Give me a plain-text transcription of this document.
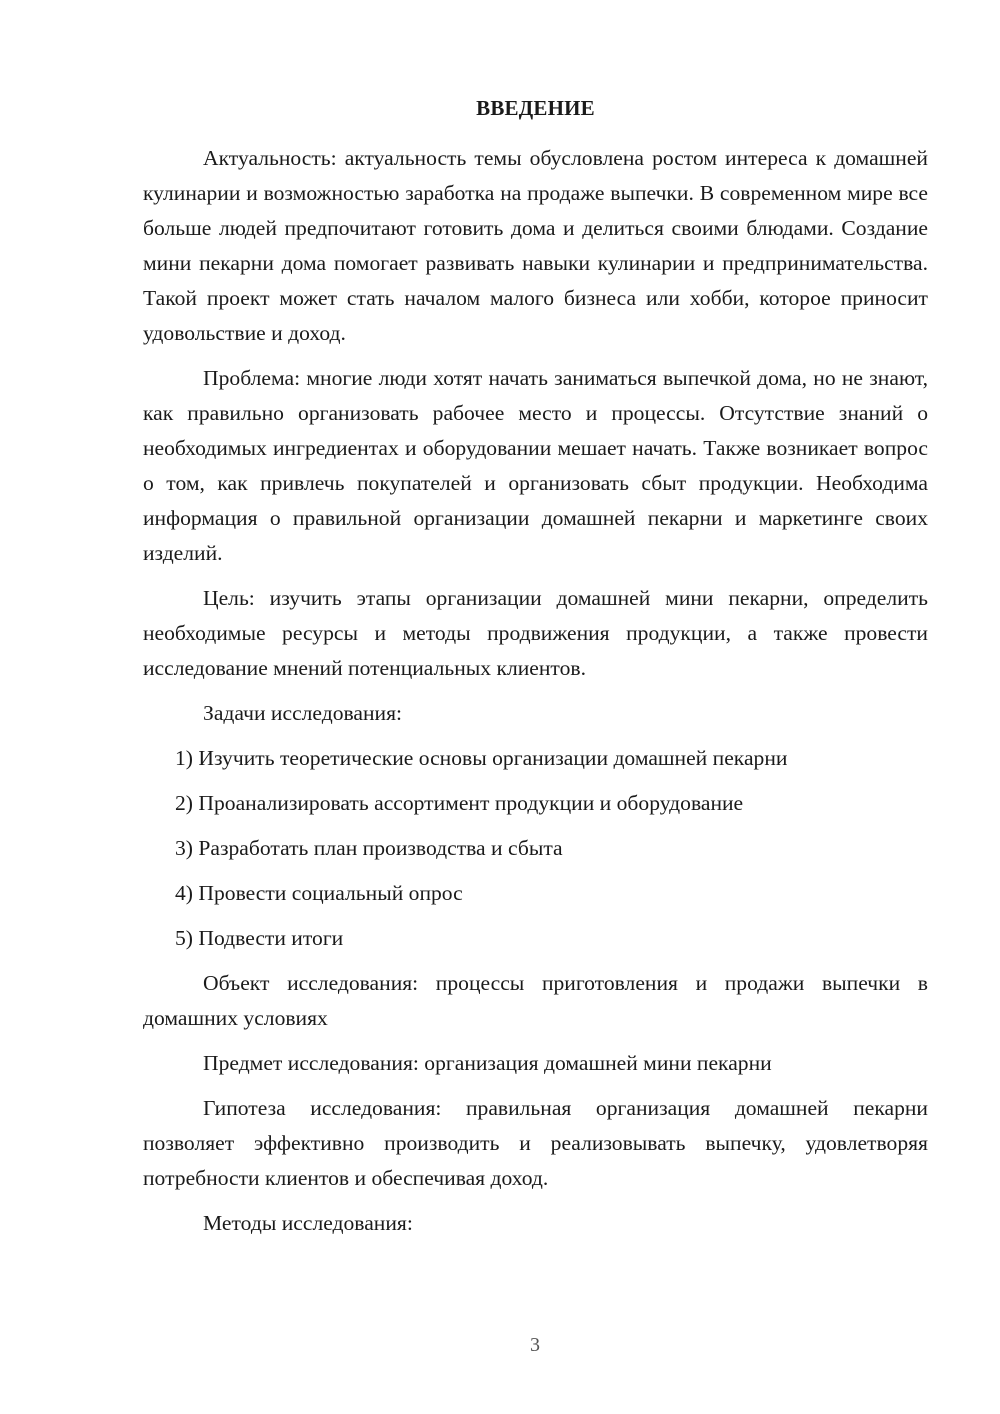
ВВЕДЕНИЕ

Актуальность: актуальность темы обусловлена ростом интереса к домашней кулинарии и возможностью заработка на продаже выпечки. В современном мире все больше людей предпочитают готовить дома и делиться своими блюдами. Создание мини пекарни дома помогает развивать навыки кулинарии и предпринимательства. Такой проект может стать началом малого бизнеса или хобби, которое приносит удовольствие и доход.

Проблема: многие люди хотят начать заниматься выпечкой дома, но не знают, как правильно организовать рабочее место и процессы. Отсутствие знаний о необходимых ингредиентах и оборудовании мешает начать. Также возникает вопрос о том, как привлечь покупателей и организовать сбыт продукции. Необходима информация о правильной организации домашней пекарни и маркетинге своих изделий.

Цель: изучить этапы организации домашней мини пекарни, определить необходимые ресурсы и методы продвижения продукции, а также провести исследование мнений потенциальных клиентов.

Задачи исследования:

1) Изучить теоретические основы организации домашней пекарни

2) Проанализировать ассортимент продукции и оборудование

3) Разработать план производства и сбыта

4) Провести социальный опрос

5) Подвести итоги

Объект исследования: процессы приготовления и продажи выпечки в домашних условиях

Предмет исследования: организация домашней мини пекарни

Гипотеза исследования: правильная организация домашней пекарни позволяет эффективно производить и реализовывать выпечку, удовлетворяя потребности клиентов и обеспечивая доход.

Методы исследования:

3
